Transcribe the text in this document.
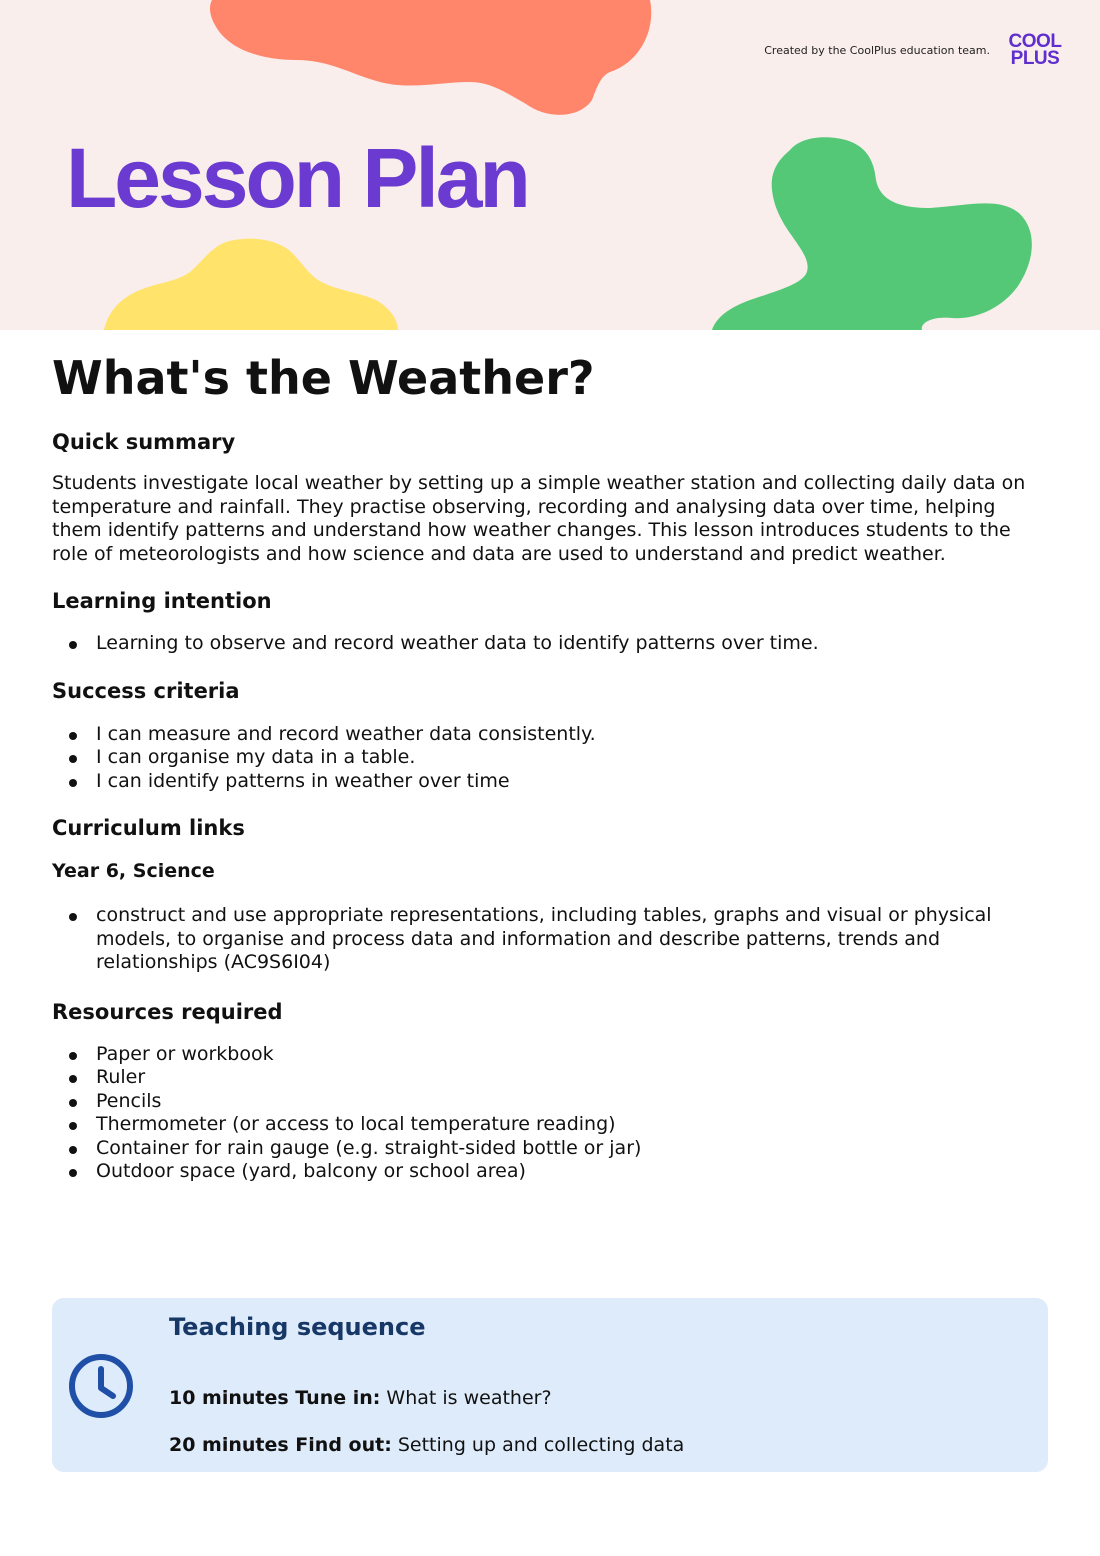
Created by the CoolPlus education team. COOL
PLUS
Lesson Plan
What's the Weather?
Quick summary

Students investigate local weather by setting up a simple weather station and collecting daily data on temperature and rainfall. They practise observing, recording and analysing data over time, helping them identify patterns and understand how weather changes. This lesson introduces students to the role of meteorologists and how science and data are used to understand and predict weather.

Learning intention
Learning to observe and record weather data to identify patterns over time.
Success criteria
I can measure and record weather data consistently.
I can organise my data in a table.
I can identify patterns in weather over time
Curriculum links
Year 6, Science
construct and use appropriate representations, including tables, graphs and visual or physical models, to organise and process data and information and describe patterns, trends and relationships (AC9S6I04)
Resources required
Paper or workbook
Ruler
Pencils
Thermometer (or access to local temperature reading)
Container for rain gauge (e.g. straight-sided bottle or jar)
Outdoor space (yard, balcony or school area)
Teaching sequence
10 minutes Tune in: What is weather?
20 minutes Find out: Setting up and collecting data
